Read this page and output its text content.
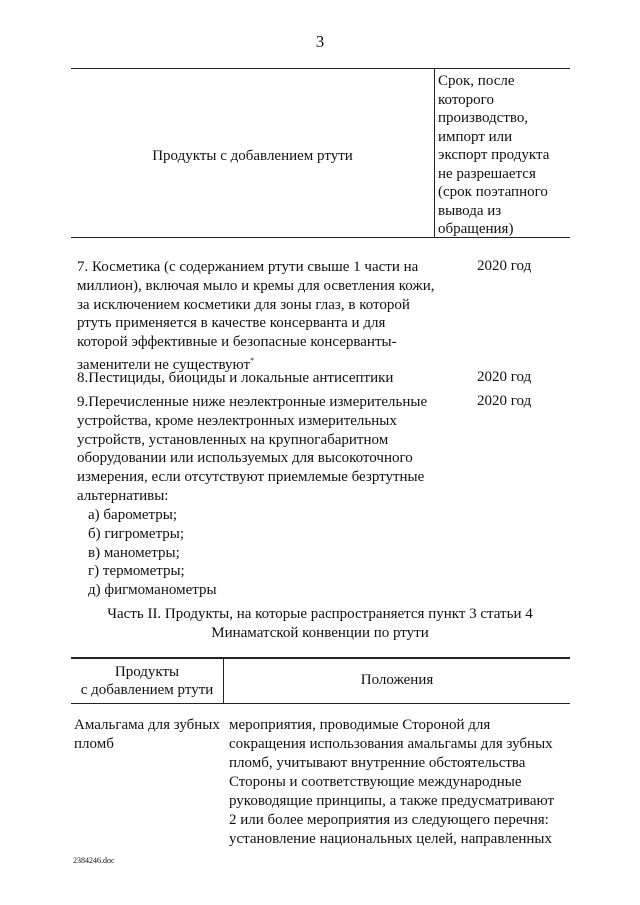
3
Продукты с добавлением ртути
Срок, после
которого
производство,
импорт или
экспорт продукта
не разрешается
(срок поэтапного
вывода из
обращения)
7. Косметика (с содержанием ртути свыше 1 части на
миллион), включая мыло и кремы для осветления кожи,
за исключением косметики для зоны глаз, в которой
ртуть применяется в качестве консерванта и для
которой эффективные и безопасные консерванты-
заменители не существуют*
2020 год
8.Пестициды, биоциды и локальные антисептики	2020 год
9.Перечисленные ниже неэлектронные измерительные
устройства, кроме неэлектронных измерительных
устройств, установленных на крупногабаритном
оборудовании или используемых для высокоточного
измерения, если отсутствуют приемлемые безртутные
альтернативы:
2020 год
а) барометры;
б) гигрометры;
в) манометры;
г) термометры;
д) фигмоманометры
Часть II. Продукты, на которые распространяется пункт 3 статьи 4
Минаматской конвенции по ртути
Продукты
с добавлением ртути
Положения
Амальгама для зубных
пломб
мероприятия, проводимые Стороной для
сокращения использования амальгамы для зубных
пломб, учитывают внутренние обстоятельства
Стороны и соответствующие международные
руководящие принципы, а также предусматривают
2 или более мероприятия из следующего перечня:
установление национальных целей, направленных
2384246.doc
